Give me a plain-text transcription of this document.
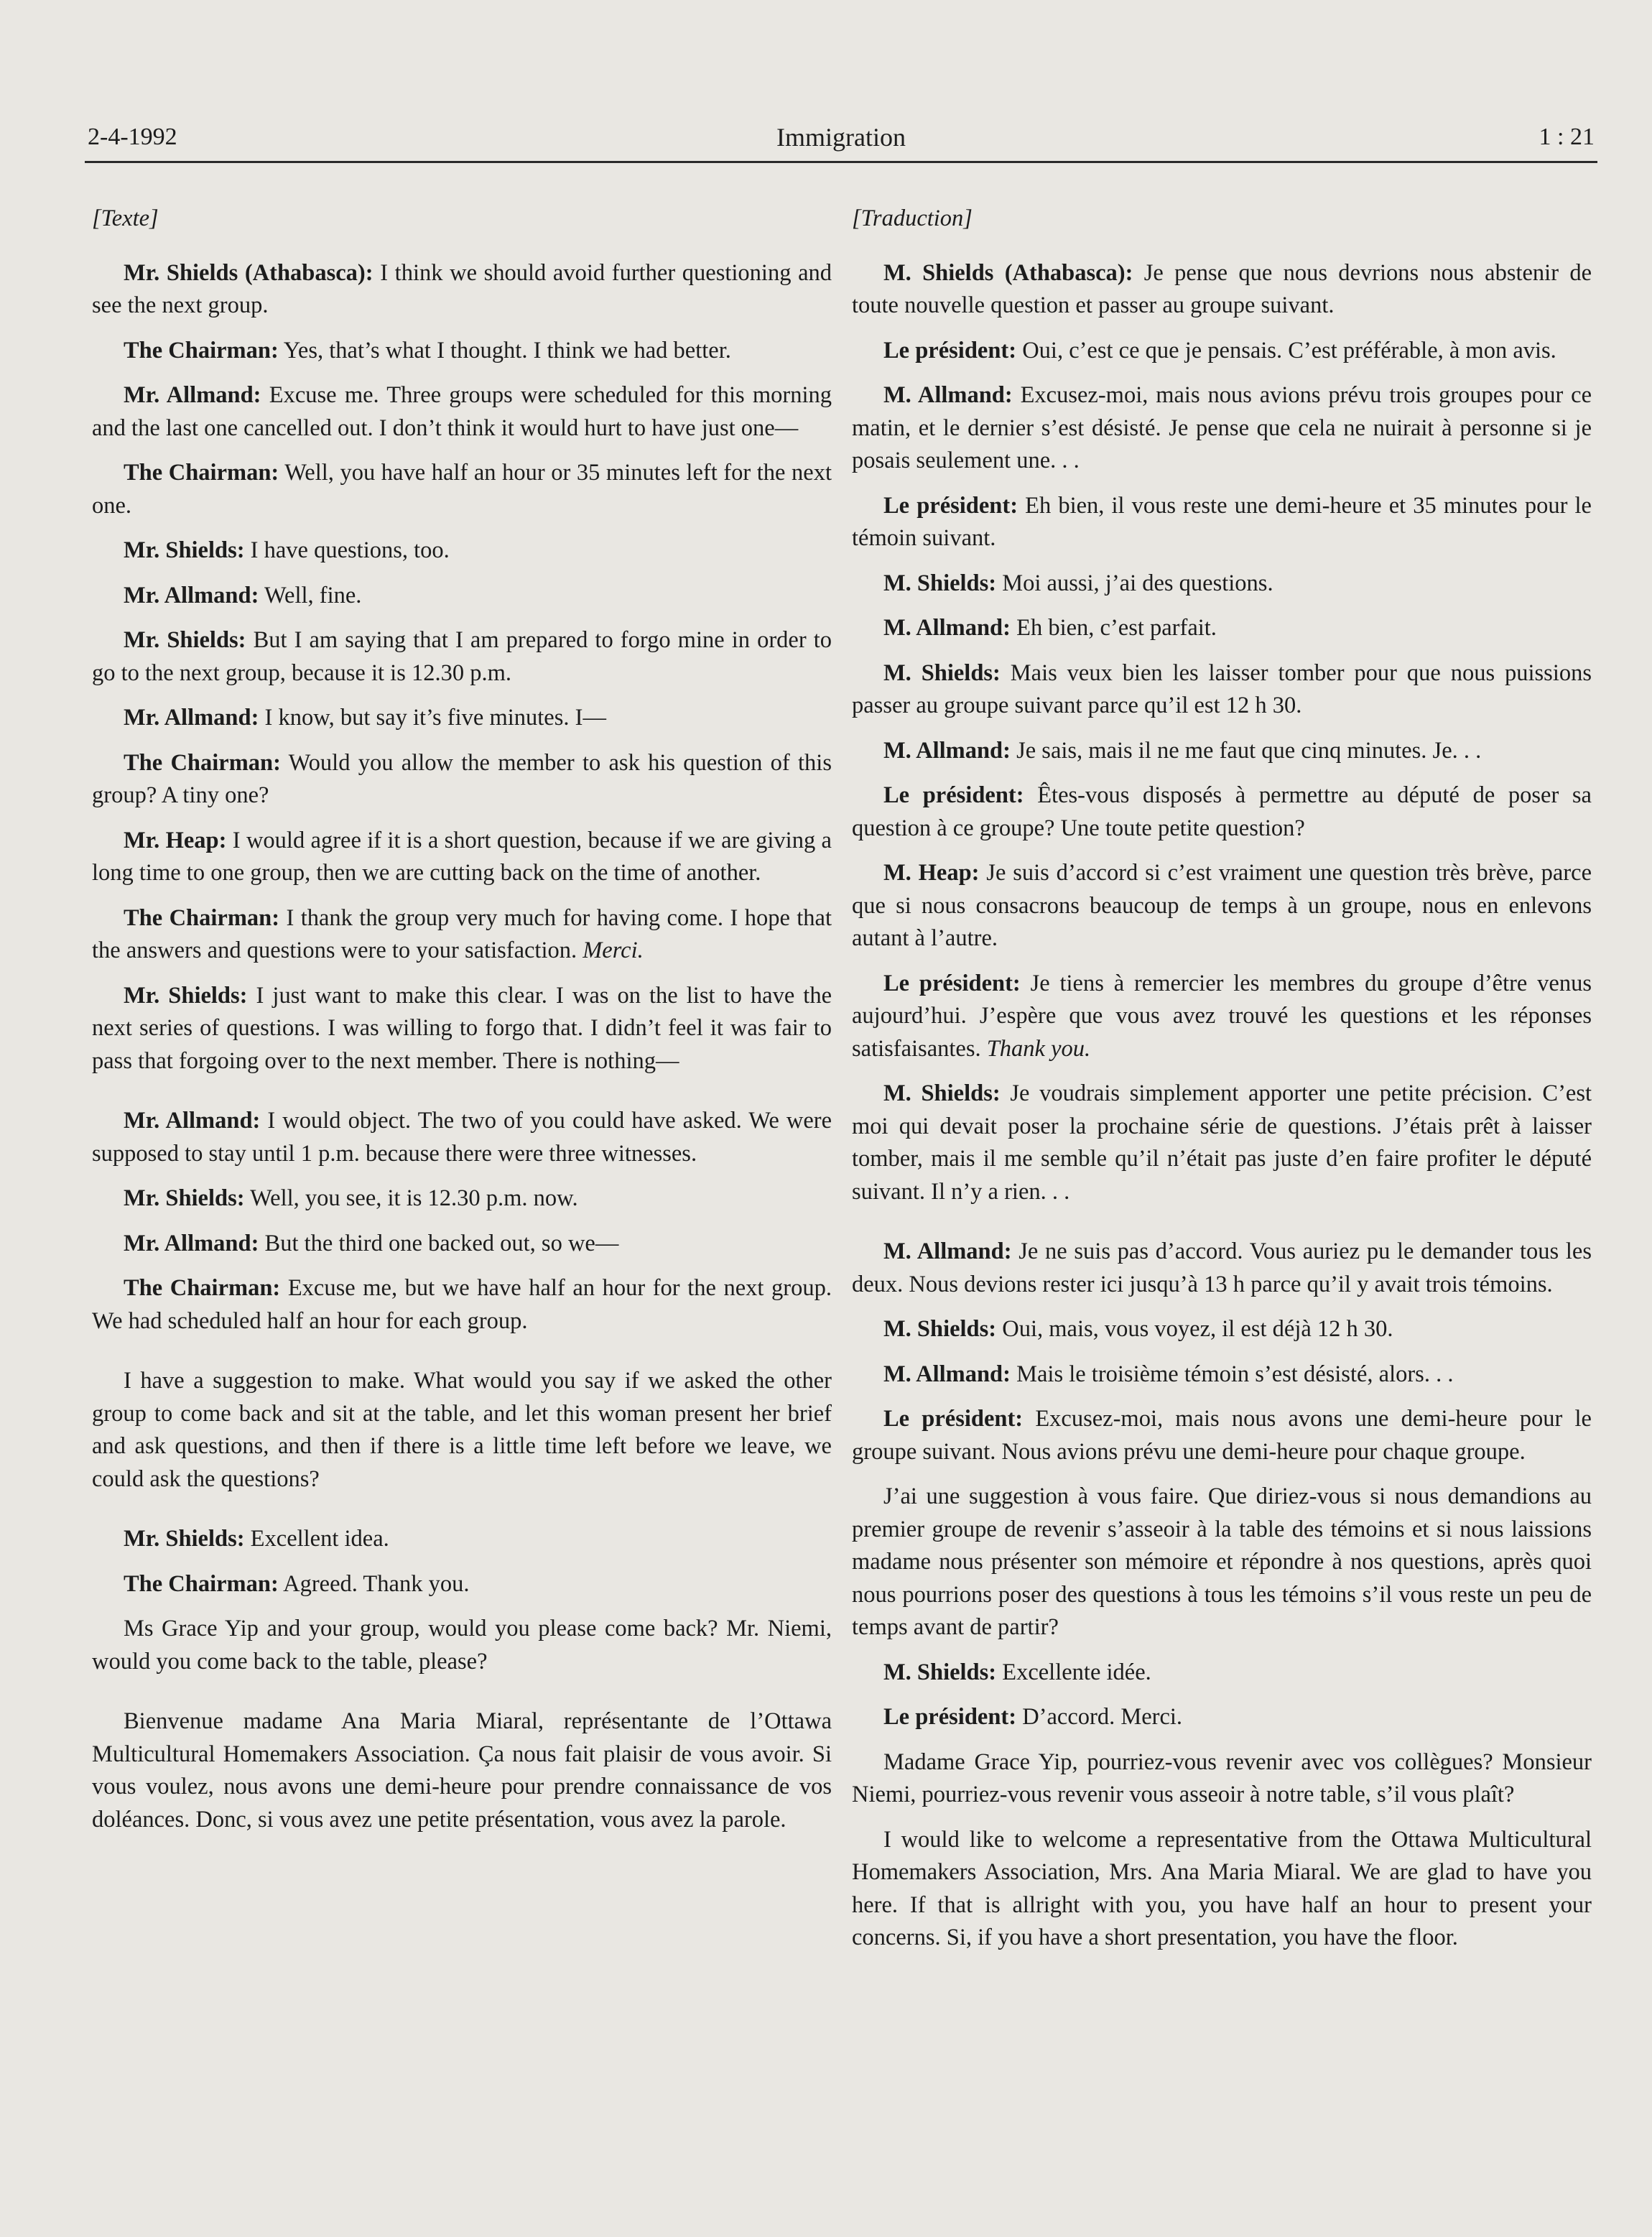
2-4-1992	Immigration	1 : 21
[Texte]
Mr. Shields (Athabasca): I think we should avoid further questioning and see the next group.
The Chairman: Yes, that’s what I thought. I think we had better.
Mr. Allmand: Excuse me. Three groups were scheduled for this morning and the last one cancelled out. I don’t think it would hurt to have just one—
The Chairman: Well, you have half an hour or 35 minutes left for the next one.
Mr. Shields: I have questions, too.
Mr. Allmand: Well, fine.
Mr. Shields: But I am saying that I am prepared to forgo mine in order to go to the next group, because it is 12.30 p.m.
Mr. Allmand: I know, but say it’s five minutes. I—
The Chairman: Would you allow the member to ask his question of this group? A tiny one?
Mr. Heap: I would agree if it is a short question, because if we are giving a long time to one group, then we are cutting back on the time of another.
The Chairman: I thank the group very much for having come. I hope that the answers and questions were to your satisfaction. Merci.
Mr. Shields: I just want to make this clear. I was on the list to have the next series of questions. I was willing to forgo that. I didn’t feel it was fair to pass that forgoing over to the next member. There is nothing—
Mr. Allmand: I would object. The two of you could have asked. We were supposed to stay until 1 p.m. because there were three witnesses.
Mr. Shields: Well, you see, it is 12.30 p.m. now.
Mr. Allmand: But the third one backed out, so we—
The Chairman: Excuse me, but we have half an hour for the next group. We had scheduled half an hour for each group.
I have a suggestion to make. What would you say if we asked the other group to come back and sit at the table, and let this woman present her brief and ask questions, and then if there is a little time left before we leave, we could ask the questions?
Mr. Shields: Excellent idea.
The Chairman: Agreed. Thank you.
Ms Grace Yip and your group, would you please come back? Mr. Niemi, would you come back to the table, please?
Bienvenue madame Ana Maria Miaral, représentante de l’Ottawa Multicultural Homemakers Association. Ça nous fait plaisir de vous avoir. Si vous voulez, nous avons une demi-heure pour prendre connaissance de vos doléances. Donc, si vous avez une petite présentation, vous avez la parole.
[Traduction]
M. Shields (Athabasca): Je pense que nous devrions nous abstenir de toute nouvelle question et passer au groupe suivant.
Le président: Oui, c’est ce que je pensais. C’est préférable, à mon avis.
M. Allmand: Excusez-moi, mais nous avions prévu trois groupes pour ce matin, et le dernier s’est désisté. Je pense que cela ne nuirait à personne si je posais seulement une. . .
Le président: Eh bien, il vous reste une demi-heure et 35 minutes pour le témoin suivant.
M. Shields: Moi aussi, j’ai des questions.
M. Allmand: Eh bien, c’est parfait.
M. Shields: Mais veux bien les laisser tomber pour que nous puissions passer au groupe suivant parce qu’il est 12 h 30.
M. Allmand: Je sais, mais il ne me faut que cinq minutes. Je. . .
Le président: Êtes-vous disposés à permettre au député de poser sa question à ce groupe? Une toute petite question?
M. Heap: Je suis d’accord si c’est vraiment une question très brève, parce que si nous consacrons beaucoup de temps à un groupe, nous en enlevons autant à l’autre.
Le président: Je tiens à remercier les membres du groupe d’être venus aujourd’hui. J’espère que vous avez trouvé les questions et les réponses satisfaisantes. Thank you.
M. Shields: Je voudrais simplement apporter une petite précision. C’est moi qui devait poser la prochaine série de questions. J’étais prêt à laisser tomber, mais il me semble qu’il n’était pas juste d’en faire profiter le député suivant. Il n’y a rien. . .
M. Allmand: Je ne suis pas d’accord. Vous auriez pu le demander tous les deux. Nous devions rester ici jusqu’à 13 h parce qu’il y avait trois témoins.
M. Shields: Oui, mais, vous voyez, il est déjà 12 h 30.
M. Allmand: Mais le troisième témoin s’est désisté, alors. . .
Le président: Excusez-moi, mais nous avons une demi-heure pour le groupe suivant. Nous avions prévu une demi-heure pour chaque groupe.
J’ai une suggestion à vous faire. Que diriez-vous si nous demandions au premier groupe de revenir s’asseoir à la table des témoins et si nous laissions madame nous présenter son mémoire et répondre à nos questions, après quoi nous pourrions poser des questions à tous les témoins s’il vous reste un peu de temps avant de partir?
M. Shields: Excellente idée.
Le président: D’accord. Merci.
Madame Grace Yip, pourriez-vous revenir avec vos collègues? Monsieur Niemi, pourriez-vous revenir vous asseoir à notre table, s’il vous plaît?
I would like to welcome a representative from the Ottawa Multicultural Homemakers Association, Mrs. Ana Maria Miaral. We are glad to have you here. If that is allright with you, you have half an hour to present your concerns. Si, if you have a short presentation, you have the floor.
